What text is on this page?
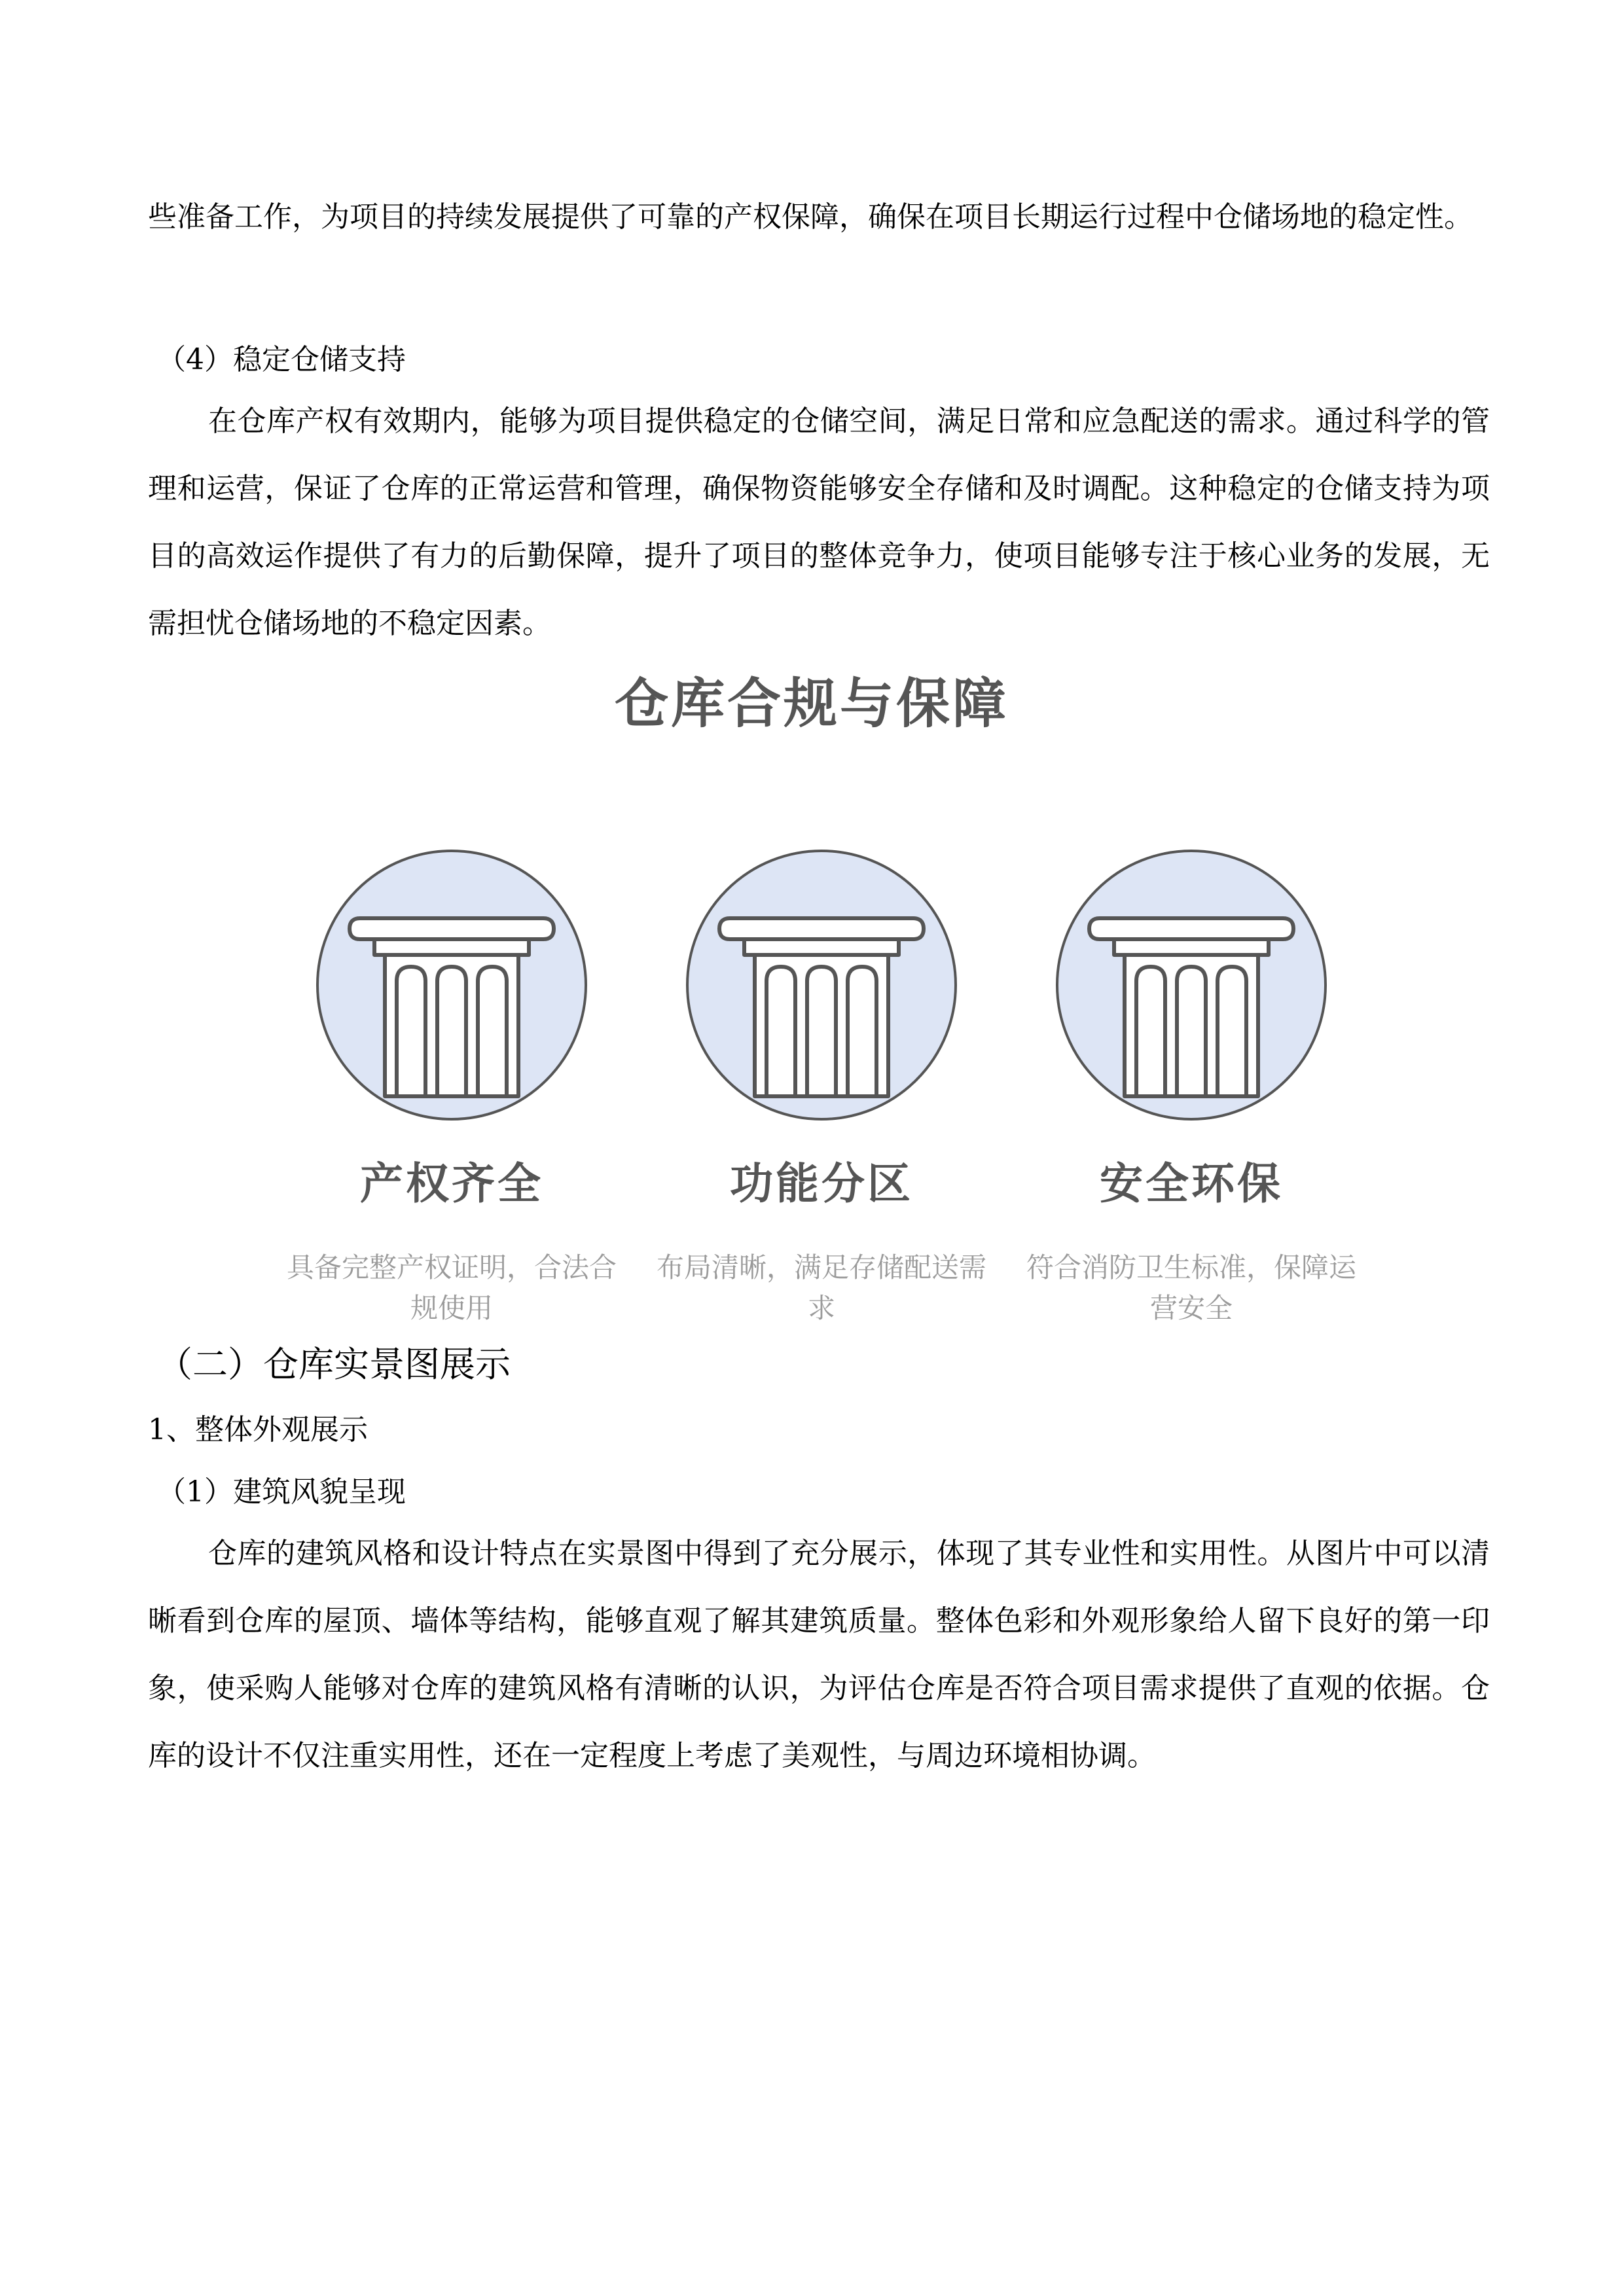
些准备工作，为项目的持续发展提供了可靠的产权保障，确保在项目长期运行过程中仓储场地的稳定性。

（4）稳定仓储支持

在仓库产权有效期内，能够为项目提供稳定的仓储空间，满足日常和应急配送的需求。通过科学的管理和运营，保证了仓库的正常运营和管理，确保物资能够安全存储和及时调配。这种稳定的仓储支持为项目的高效运作提供了有力的后勤保障，提升了项目的整体竞争力，使项目能够专注于核心业务的发展，无需担忧仓储场地的不稳定因素。

仓库合规与保障
产权齐全
具备完整产权证明，合法合规使用
功能分区
布局清晰，满足存储配送需求
安全环保
符合消防卫生标准，保障运营安全
（二）仓库实景图展示
1、整体外观展示
（1）建筑风貌呈现

仓库的建筑风格和设计特点在实景图中得到了充分展示，体现了其专业性和实用性。从图片中可以清晰看到仓库的屋顶、墙体等结构，能够直观了解其建筑质量。整体色彩和外观形象给人留下良好的第一印象，使采购人能够对仓库的建筑风格有清晰的认识，为评估仓库是否符合项目需求提供了直观的依据。仓库的设计不仅注重实用性，还在一定程度上考虑了美观性，与周边环境相协调。
